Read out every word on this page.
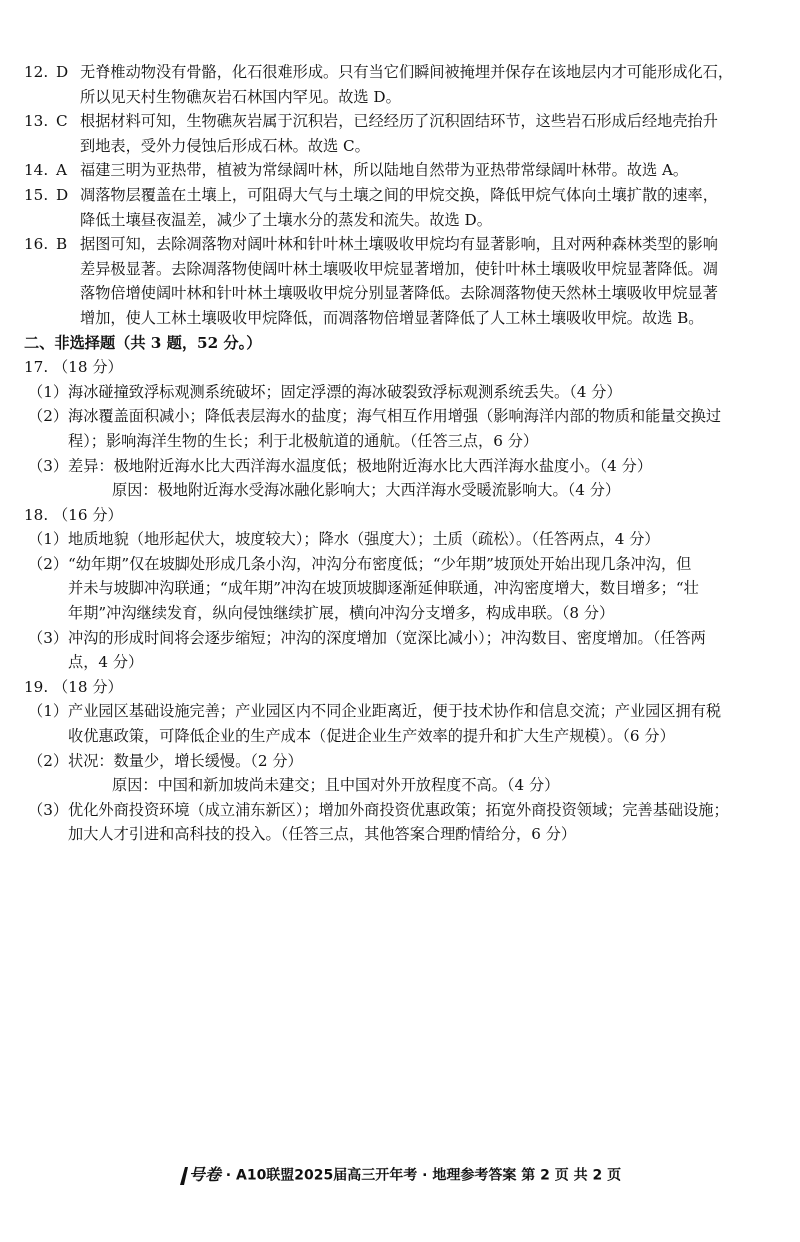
12. D 无脊椎动物没有骨骼，化石很难形成。只有当它们瞬间被掩埋并保存在该地层内才可能形成化石，
所以见天村生物礁灰岩石林国内罕见。故选 D。
13. C 根据材料可知，生物礁灰岩属于沉积岩，已经经历了沉积固结环节，这些岩石形成后经地壳抬升
到地表，受外力侵蚀后形成石林。故选 C。
14. A 福建三明为亚热带，植被为常绿阔叶林，所以陆地自然带为亚热带常绿阔叶林带。故选 A。
15. D 凋落物层覆盖在土壤上，可阻碍大气与土壤之间的甲烷交换，降低甲烷气体向土壤扩散的速率，
降低土壤昼夜温差，减少了土壤水分的蒸发和流失。故选 D。
16. B 据图可知，去除凋落物对阔叶林和针叶林土壤吸收甲烷均有显著影响，且对两种森林类型的影响
差异极显著。去除凋落物使阔叶林土壤吸收甲烷显著增加，使针叶林土壤吸收甲烷显著降低。凋
落物倍增使阔叶林和针叶林土壤吸收甲烷分别显著降低。去除凋落物使天然林土壤吸收甲烷显著
增加，使人工林土壤吸收甲烷降低，而凋落物倍增显著降低了人工林土壤吸收甲烷。故选 B。
二、非选择题（共 3 题，52 分。）
17. （18 分）
（1） 海冰碰撞致浮标观测系统破坏；固定浮漂的海冰破裂致浮标观测系统丢失。（4 分）
（2） 海冰覆盖面积减小；降低表层海水的盐度；海气相互作用增强（影响海洋内部的物质和能量交换过
程）；影响海洋生物的生长；利于北极航道的通航。（任答三点，6 分）
（3） 差异：极地附近海水比大西洋海水温度低；极地附近海水比大西洋海水盐度小。（4 分）
原因：极地附近海水受海冰融化影响大；大西洋海水受暖流影响大。（4 分）
18. （16 分）
（1） 地质地貌（地形起伏大，坡度较大）；降水（强度大）；土质（疏松）。（任答两点，4 分）
（2） “幼年期”仅在坡脚处形成几条小沟，冲沟分布密度低；“少年期”坡顶处开始出现几条冲沟，但
并未与坡脚冲沟联通；“成年期”冲沟在坡顶坡脚逐渐延伸联通，冲沟密度增大，数目增多；“壮
年期”冲沟继续发育，纵向侵蚀继续扩展，横向冲沟分支增多，构成串联。（8 分）
（3） 冲沟的形成时间将会逐步缩短；冲沟的深度增加（宽深比减小）；冲沟数目、密度增加。（任答两
点，4 分）
19. （18 分）
（1） 产业园区基础设施完善；产业园区内不同企业距离近，便于技术协作和信息交流；产业园区拥有税
收优惠政策，可降低企业的生产成本（促进企业生产效率的提升和扩大生产规模）。（6 分）
（2） 状况：数量少，增长缓慢。（2 分）
原因：中国和新加坡尚未建交；且中国对外开放程度不高。（4 分）
（3） 优化外商投资环境（成立浦东新区）；增加外商投资优惠政策；拓宽外商投资领域；完善基础设施；
加大人才引进和高科技的投入。（任答三点，其他答案合理酌情给分，6 分）
号卷 · A10联盟2025届高三开年考 · 地理参考答案 第 2 页 共 2 页
